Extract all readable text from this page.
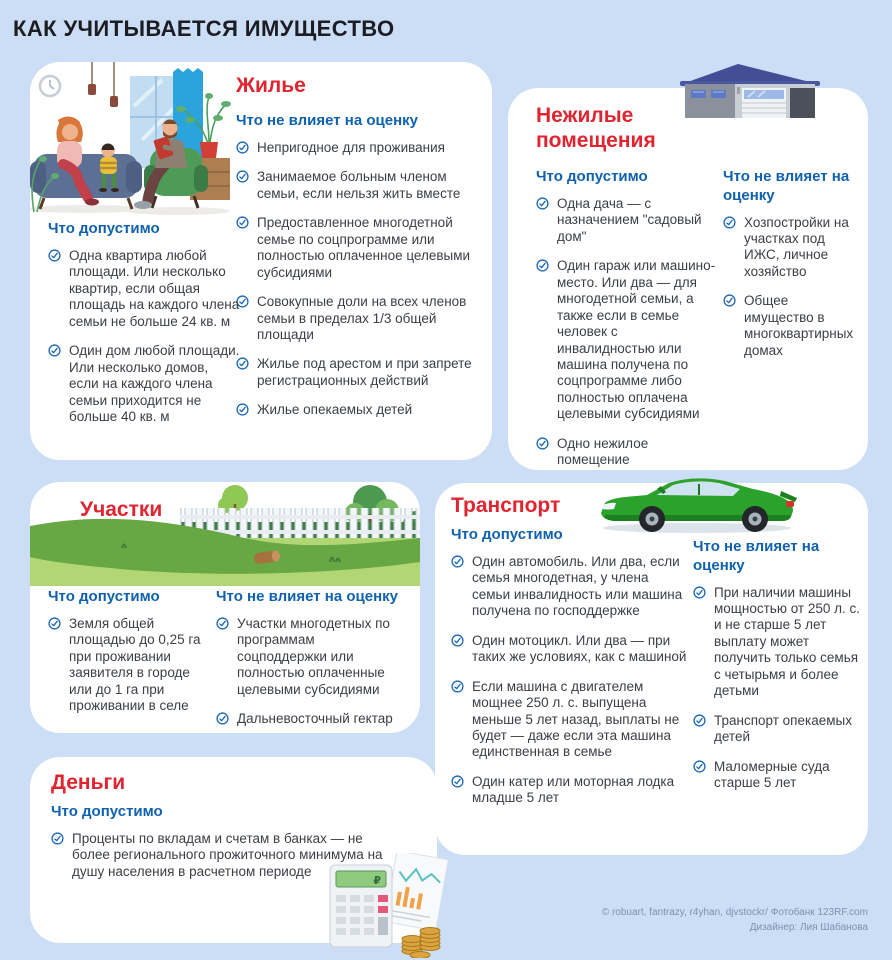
КАК УЧИТЫВАЕТСЯ ИМУЩЕСТВО
Жилье
Что не влияет на оценку
Непригодное для проживания
Занимаемое больным членом семьи, если нельзя жить вместе
Предоставленное многодетной семье по соцпрограмме или полностью оплаченное целевыми субсидиями
Совокупные доли на всех членов семьи в пределах 1/3 общей площади
Жилье под арестом и при запрете регистрационных действий
Жилье опекаемых детей
Что допустимо
Одна квартира любой площади. Или несколько квартир, если общая площадь на каждого члена семьи не больше 24 кв. м
Один дом любой площади. Или несколько домов, если на каждого члена семьи приходится не больше 40 кв. м
Нежилые помещения
Что допустимо
Одна дача — с назначением "садовый дом"
Один гараж или машино-место. Или два — для многодетной семьи, а также если в семье человек с инвалидностью или машина получена по соцпрограмме либо полностью оплачена целевыми субсидиями
Одно нежилое помещение
Что не влияет на оценку
Хозпостройки на участках под ИЖС, личное хозяйство
Общее имущество в многоквартирных домах
Участки
Что допустимо
Земля общей площадью до 0,25 га при проживании заявителя в городе или до 1 га при проживании в селе
Что не влияет на оценку
Участки многодетных по программам соцподдержки или полностью оплаченные целевыми субсидиями
Дальневосточный гектар
Транспорт
Что допустимо
Один автомобиль. Или два, если семья многодетная, у члена семьи инвалидность или машина получена по господдержке
Один мотоцикл. Или два — при таких же условиях, как с машиной
Если машина с двигателем мощнее 250 л. с. выпущена меньше 5 лет назад, выплаты не будет — даже если эта машина единственная в семье
Один катер или моторная лодка младше 5 лет
Что не влияет на оценку
При наличии машины мощностью от 250 л. с. и не старше 5 лет выплату может получить только семья с четырьмя и более детьми
Транспорт опекаемых детей
Маломерные суда старше 5 лет
₽
Деньги
Что допустимо
Проценты по вкладам и счетам в банках — не более регионального прожиточного минимума на душу населения в расчетном периоде
© robuart, fantrazy, r4yhan, djvstockr/ Фотобанк 123RF.com
Дизайнер: Лия Шабанова
